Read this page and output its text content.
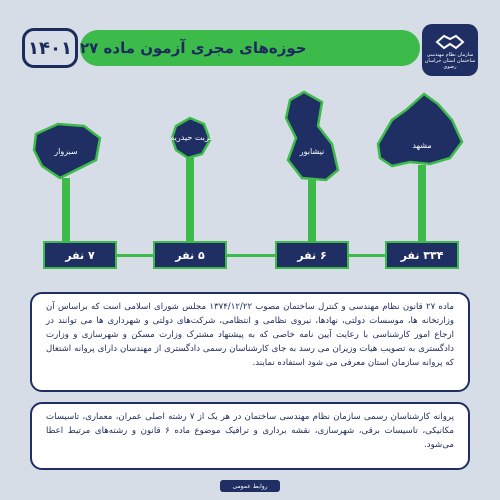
۱۴۰۱ حوزه‌های مجری آزمون ماده ۲۷	سازمان نظام مهندسی ساختمان استان خراسان رضوی
مشهد
نیشابور
تربت حیدریه
سبزوار
۳۳۴ نفر
۶ نفر
۵ نفر
۷ نفر
ماده ۲۷ قانون نظام مهندسی و کنترل ساختمان مصوب ۱۳۷۴/۱۲/۲۲ مجلس شورای اسلامی است که براساس آن وزارتخانه ها، موسسات دولتی، نهادها، نیروی نظامی و انتظامی، شرکت‌های دولتی و شهرداری ها می توانند در ارجاع امور کارشناسی با رعایت آیین نامه خاصی که به پیشنهاد مشترک وزارت مسکن و شهرسازی و وزارت دادگستری به تصویب هیات وزیران می رسد به جای کارشناسان رسمی دادگستری از مهندسان دارای پروانه اشتغال که پروانه سازمان استان معرفی می شود استفاده نمایند.
پروانه کارشناسان رسمی سازمان نظام مهندسی ساختمان در هر یک از ۷ رشته اصلی عمران، معماری، تاسیسات مکانیکی، تاسیسات برقی، شهرسازی، نقشه برداری و ترافیک موضوع ماده ۶ قانون و رشته‌های مرتبط اعطا می‌شود.
روابط عمومی
